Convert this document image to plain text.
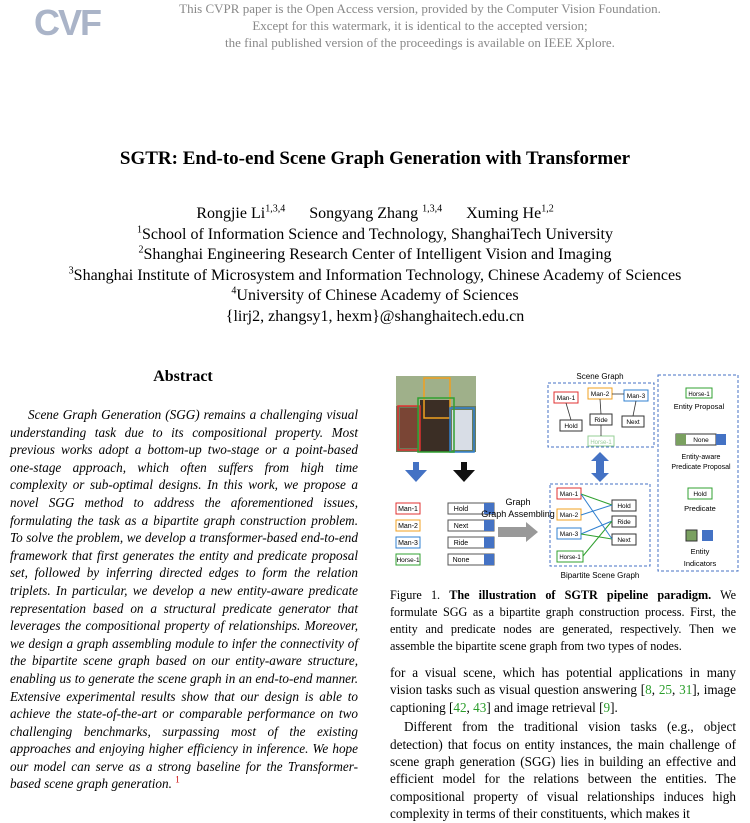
CVF	This CVPR paper is the Open Access version, provided by the Computer Vision Foundation.
Except for this watermark, it is identical to the accepted version;
the final published version of the proceedings is available on IEEE Xplore.
SGTR: End-to-end Scene Graph Generation with Transformer
Rongjie Li$^{1,3,4}$ Songyang Zhang $^{1,3,4}$ Xuming He$^{1,2}$
$^1$School of Information Science and Technology, ShanghaiTech University
$^2$Shanghai Engineering Research Center of Intelligent Vision and Imaging
$^3$Shanghai Institute of Microsystem and Information Technology, Chinese Academy of Sciences
$^4$University of Chinese Academy of Sciences
{lirj2, zhangsy1, hexm}@shanghaitech.edu.cn
Abstract
Scene Graph Generation (SGG) remains a challenging visual understanding task due to its compositional property. Most previous works adopt a bottom-up two-stage or a point-based one-stage approach, which often suffers from high time complexity or sub-optimal designs. In this work, we propose a novel SGG method to address the aforementioned issues, formulating the task as a bipartite graph construction problem. To solve the problem, we develop a transformer-based end-to-end framework that first generates the entity and predicate proposal set, followed by inferring directed edges to form the relation triplets. In particular, we develop a new entity-aware predicate representation based on a structural predicate generator that leverages the compositional property of relationships. Moreover, we design a graph assembling module to infer the connectivity of the bipartite scene graph based on our entity-aware structure, enabling us to generate the scene graph in an end-to-end manner. Extensive experimental results show that our design is able to achieve the state-of-the-art or comparable performance on two challenging benchmarks, surpassing most of the existing approaches and enjoying higher efficiency in inference. We hope our model can serve as a strong baseline for the Transformer-based scene graph generation. $^1$
Man-1
Man-2
Man-3
Horse-1
Hold
Next
Ride
None
Graph
Graph Assembling
Scene Graph
Man-1
Man-2	Man-3
Hold
Ride	Next
Horse-1
Man-1
Man-2
Man-3
Horse-1
Hold
Ride
Next
Bipartite Scene Graph
Horse-1
Entity Proposal
None
Entity-aware
Predicate Proposal
Hold
Predicate
Entity
Indicators
Figure 1. The illustration of SGTR pipeline paradigm. We formulate SGG as a bipartite graph construction process. First, the entity and predicate nodes are generated, respectively. Then we assemble the bipartite scene graph from two types of nodes.

for a visual scene, which has potential applications in many vision tasks such as visual question answering [8, 25, 31], image captioning [42, 43] and image retrieval [9].

Different from the traditional vision tasks (e.g., object detection) that focus on entity instances, the main challenge of scene graph generation (SGG) lies in building an effective and efficient model for the relations between the entities. The compositional property of visual relationships induces high complexity in terms of their constituents, which makes it
